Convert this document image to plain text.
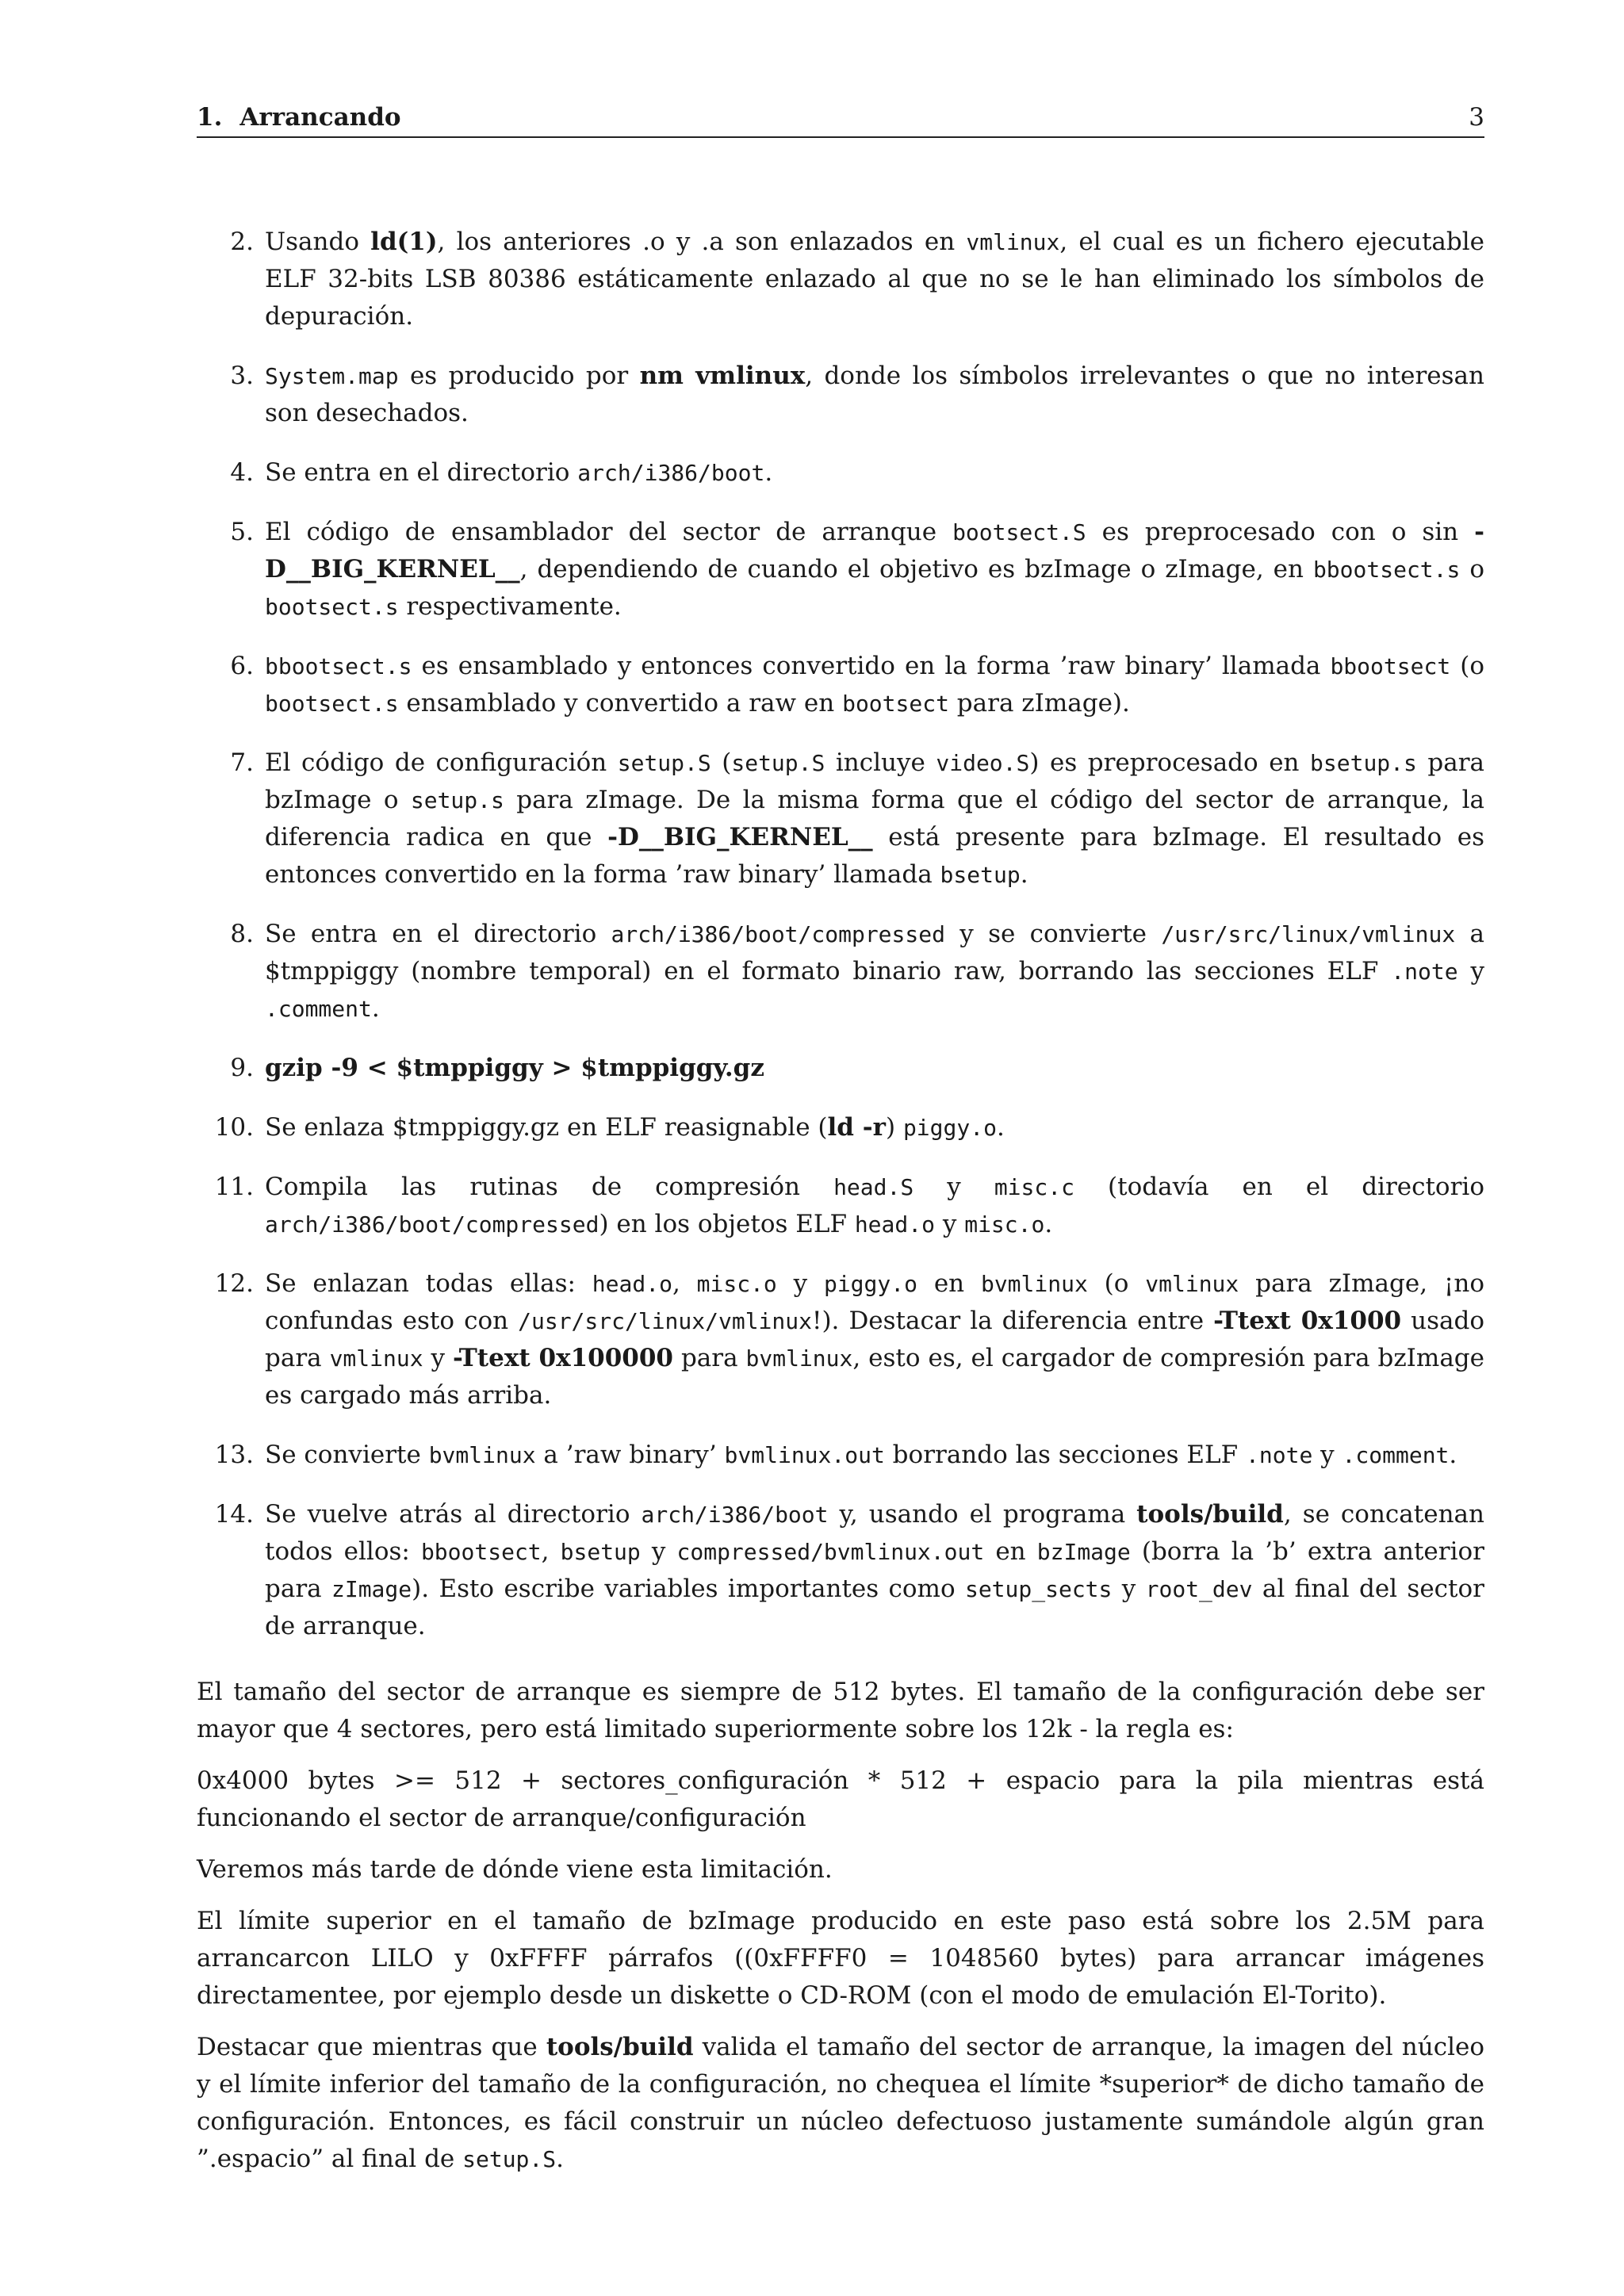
1. Arrancando	3
2. Usando ld(1), los anteriores .o y .a son enlazados en vmlinux, el cual es un fichero ejecutable ELF 32-bits LSB 80386 estáticamente enlazado al que no se le han eliminado los símbolos de depuración.
3. System.map es producido por nm vmlinux, donde los símbolos irrelevantes o que no interesan son desechados.
4. Se entra en el directorio arch/i386/boot.
5. El código de ensamblador del sector de arranque bootsect.S es preprocesado con o sin -D__BIG_KERNEL__, dependiendo de cuando el objetivo es bzImage o zImage, en bbootsect.s o bootsect.s respectivamente.
6. bbootsect.s es ensamblado y entonces convertido en la forma ’raw binary’ llamada bbootsect (o bootsect.s ensamblado y convertido a raw en bootsect para zImage).
7. El código de configuración setup.S (setup.S incluye video.S) es preprocesado en bsetup.s para bzImage o setup.s para zImage. De la misma forma que el código del sector de arranque, la diferencia radica en que -D__BIG_KERNEL__ está presente para bzImage. El resultado es entonces convertido en la forma ’raw binary’ llamada bsetup.
8. Se entra en el directorio arch/i386/boot/compressed y se convierte /usr/src/linux/vmlinux a $tmppiggy (nombre temporal) en el formato binario raw, borrando las secciones ELF .note y .comment.
9. gzip -9 < $tmppiggy > $tmppiggy.gz
10. Se enlaza $tmppiggy.gz en ELF reasignable (ld -r) piggy.o.
11. Compila las rutinas de compresión head.S y misc.c (todavía en el directorio arch/i386/boot/compressed) en los objetos ELF head.o y misc.o.
12. Se enlazan todas ellas: head.o, misc.o y piggy.o en bvmlinux (o vmlinux para zImage, ¡no confundas esto con /usr/src/linux/vmlinux!). Destacar la diferencia entre -Ttext 0x1000 usado para vmlinux y -Ttext 0x100000 para bvmlinux, esto es, el cargador de compresión para bzImage es cargado más arriba.
13. Se convierte bvmlinux a ’raw binary’ bvmlinux.out borrando las secciones ELF .note y .comment.
14. Se vuelve atrás al directorio arch/i386/boot y, usando el programa tools/build, se concatenan todos ellos: bbootsect, bsetup y compressed/bvmlinux.out en bzImage (borra la ’b’ extra anterior para zImage). Esto escribe variables importantes como setup_sects y root_dev al final del sector de arranque.

El tamaño del sector de arranque es siempre de 512 bytes. El tamaño de la configuración debe ser mayor que 4 sectores, pero está limitado superiormente sobre los 12k - la regla es:

0x4000 bytes >= 512 + sectores_configuración * 512 + espacio para la pila mientras está funcionando el sector de arranque/configuración

Veremos más tarde de dónde viene esta limitación.

El límite superior en el tamaño de bzImage producido en este paso está sobre los 2.5M para arrancarcon LILO y 0xFFFF párrafos ((0xFFFF0 = 1048560 bytes) para arrancar imágenes directamentee, por ejemplo desde un diskette o CD-ROM (con el modo de emulación El-Torito).

Destacar que mientras que tools/build valida el tamaño del sector de arranque, la imagen del núcleo y el límite inferior del tamaño de la configuración, no chequea el límite *superior* de dicho tamaño de configuración. Entonces, es fácil construir un núcleo defectuoso justamente sumándole algún gran ”.espacio” al final de setup.S.
